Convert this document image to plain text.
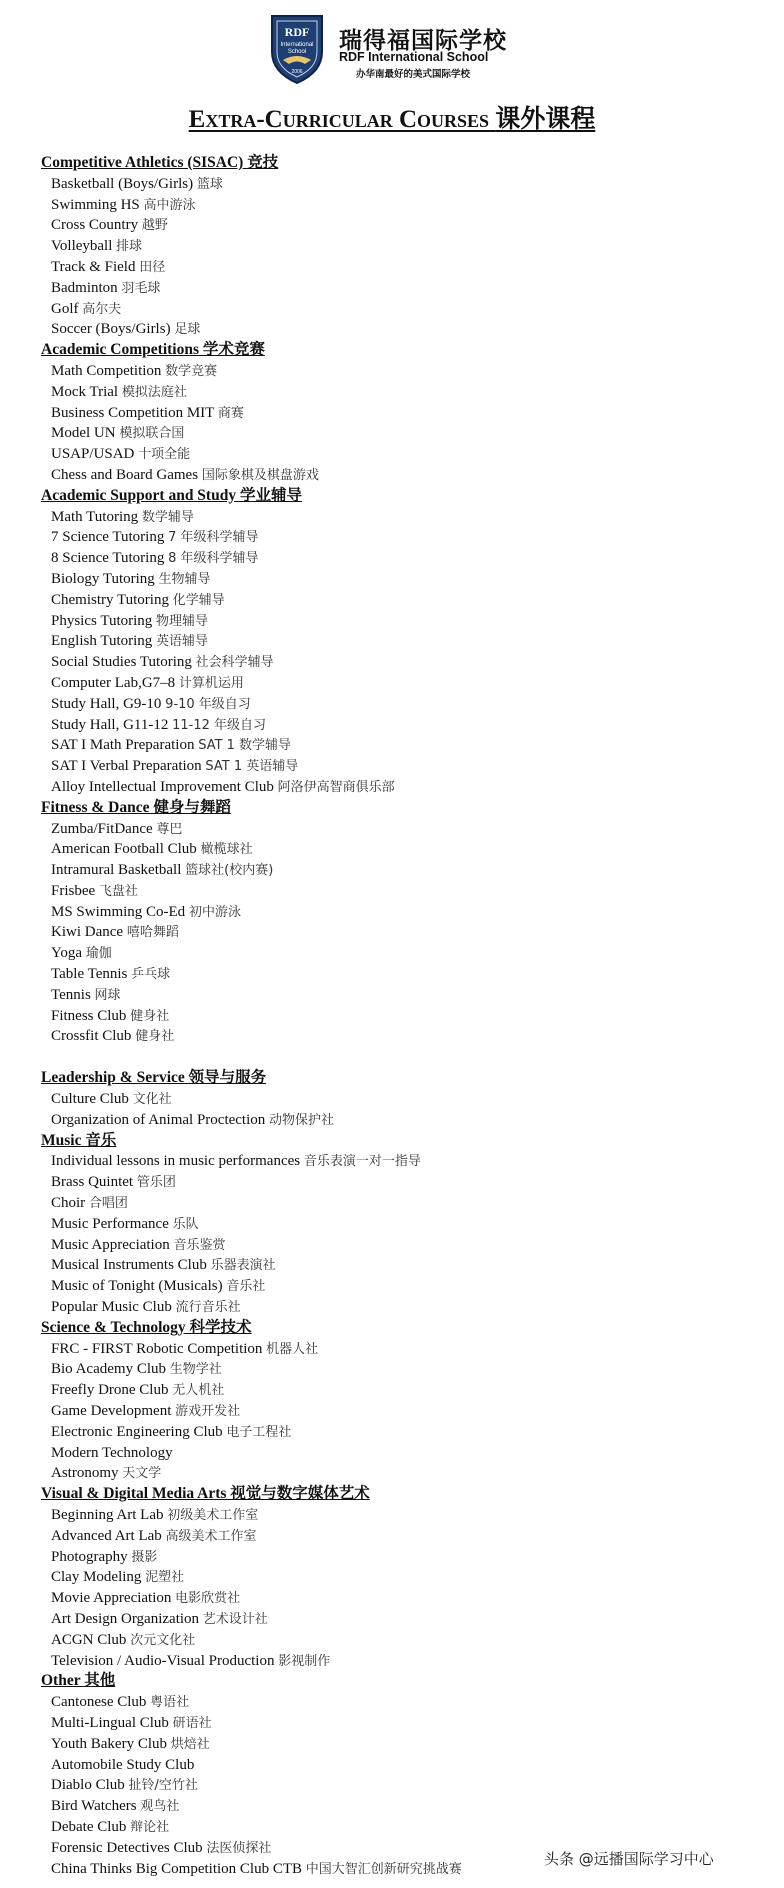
RDF
International
School
2006
瑞得福国际学校
RDF International School
办华南最好的美式国际学校
Extra-Curricular Courses 课外课程
Competitive Athletics (SISAC) 竞技
Basketball (Boys/Girls) 篮球
Swimming HS 高中游泳
Cross Country 越野
Volleyball 排球
Track & Field 田径
Badminton 羽毛球
Golf 高尔夫
Soccer (Boys/Girls) 足球
Academic Competitions 学术竞赛
Math Competition 数学竞赛
Mock Trial 模拟法庭社
Business Competition MIT 商赛
Model UN 模拟联合国
USAP/USAD 十项全能
Chess and Board Games 国际象棋及棋盘游戏
Academic Support and Study 学业辅导
Math Tutoring 数学辅导
7 Science Tutoring 7 年级科学辅导
8 Science Tutoring 8 年级科学辅导
Biology Tutoring 生物辅导
Chemistry Tutoring 化学辅导
Physics Tutoring 物理辅导
English Tutoring 英语辅导
Social Studies Tutoring 社会科学辅导
Computer Lab,G7–8 计算机运用
Study Hall, G9-10 9-10 年级自习
Study Hall, G11-12 11-12 年级自习
SAT I Math Preparation SAT 1 数学辅导
SAT I Verbal Preparation SAT 1 英语辅导
Alloy Intellectual Improvement Club 阿洛伊高智商俱乐部
Fitness & Dance 健身与舞蹈
Zumba/FitDance 尊巴
American Football Club 橄榄球社
Intramural Basketball 篮球社(校内赛)
Frisbee 飞盘社
MS Swimming Co-Ed 初中游泳
Kiwi Dance 嘻哈舞蹈
Yoga 瑜伽
Table Tennis 乒乓球
Tennis 网球
Fitness Club 健身社
Crossfit Club 健身社
Leadership & Service 领导与服务
Culture Club 文化社
Organization of Animal Proctection 动物保护社
Music 音乐
Individual lessons in music performances 音乐表演一对一指导
Brass Quintet 管乐团
Choir 合唱团
Music Performance 乐队
Music Appreciation 音乐鉴赏
Musical Instruments Club 乐器表演社
Music of Tonight (Musicals) 音乐社
Popular Music Club 流行音乐社
Science & Technology 科学技术
FRC - FIRST Robotic Competition 机器人社
Bio Academy Club 生物学社
Freefly Drone Club 无人机社
Game Development 游戏开发社
Electronic Engineering Club 电子工程社
Modern Technology
Astronomy 天文学
Visual & Digital Media Arts 视觉与数字媒体艺术
Beginning Art Lab 初级美术工作室
Advanced Art Lab 高级美术工作室
Photography 摄影
Clay Modeling 泥塑社
Movie Appreciation 电影欣赏社
Art Design Organization 艺术设计社
ACGN Club 次元文化社
Television / Audio-Visual Production 影视制作
Other 其他
Cantonese Club 粤语社
Multi-Lingual Club 研语社
Youth Bakery Club 烘焙社
Automobile Study Club
Diablo Club 扯铃/空竹社
Bird Watchers 观鸟社
Debate Club 辩论社
Forensic Detectives Club 法医侦探社
China Thinks Big Competition Club CTB 中国大智汇创新研究挑战赛
头条 @远播国际学习中心
